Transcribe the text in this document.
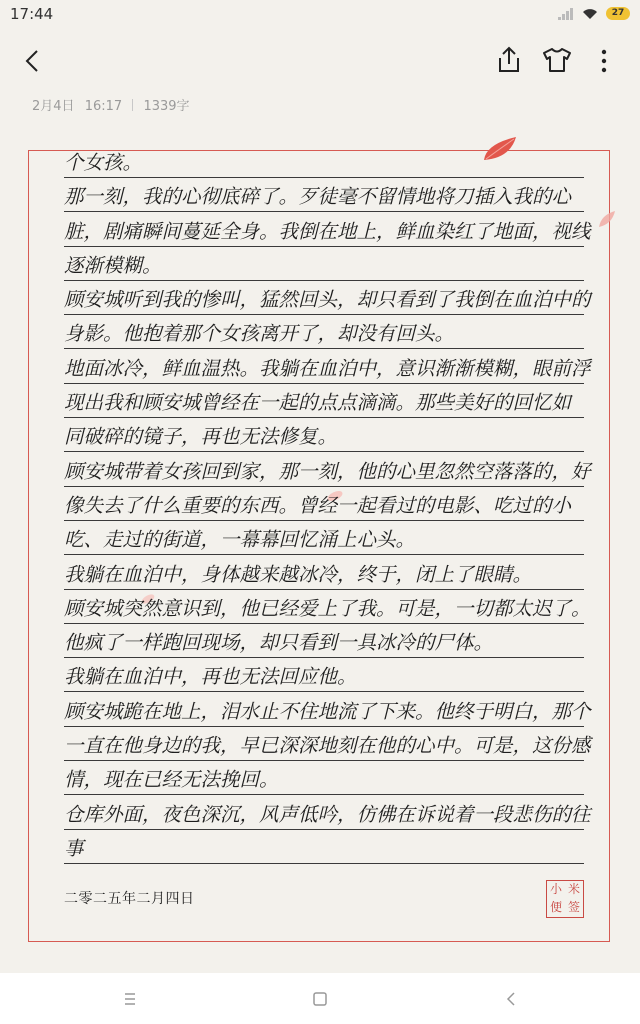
17:44	27
2月4日 16:17 1339字

个女孩。

那一刻，我的心彻底碎了。歹徒毫不留情地将刀插入我的心

脏，剧痛瞬间蔓延全身。我倒在地上，鲜血染红了地面，视线

逐渐模糊。

顾安城听到我的惨叫，猛然回头，却只看到了我倒在血泊中的

身影。他抱着那个女孩离开了，却没有回头。

地面冰冷，鲜血温热。我躺在血泊中，意识渐渐模糊，眼前浮

现出我和顾安城曾经在一起的点点滴滴。那些美好的回忆如

同破碎的镜子，再也无法修复。

顾安城带着女孩回到家，那一刻，他的心里忽然空落落的，好

像失去了什么重要的东西。曾经一起看过的电影、吃过的小

吃、走过的街道，一幕幕回忆涌上心头。

我躺在血泊中，身体越来越冰冷，终于，闭上了眼睛。

顾安城突然意识到，他已经爱上了我。可是，一切都太迟了。

他疯了一样跑回现场，却只看到一具冰冷的尸体。

我躺在血泊中，再也无法回应他。

顾安城跪在地上，泪水止不住地流了下来。他终于明白，那个

一直在他身边的我，早已深深地刻在他的心中。可是，这份感

情，现在已经无法挽回。

仓库外面，夜色深沉，风声低吟，仿佛在诉说着一段悲伤的往

事

二零二五年二月四日
小 米
便 签
